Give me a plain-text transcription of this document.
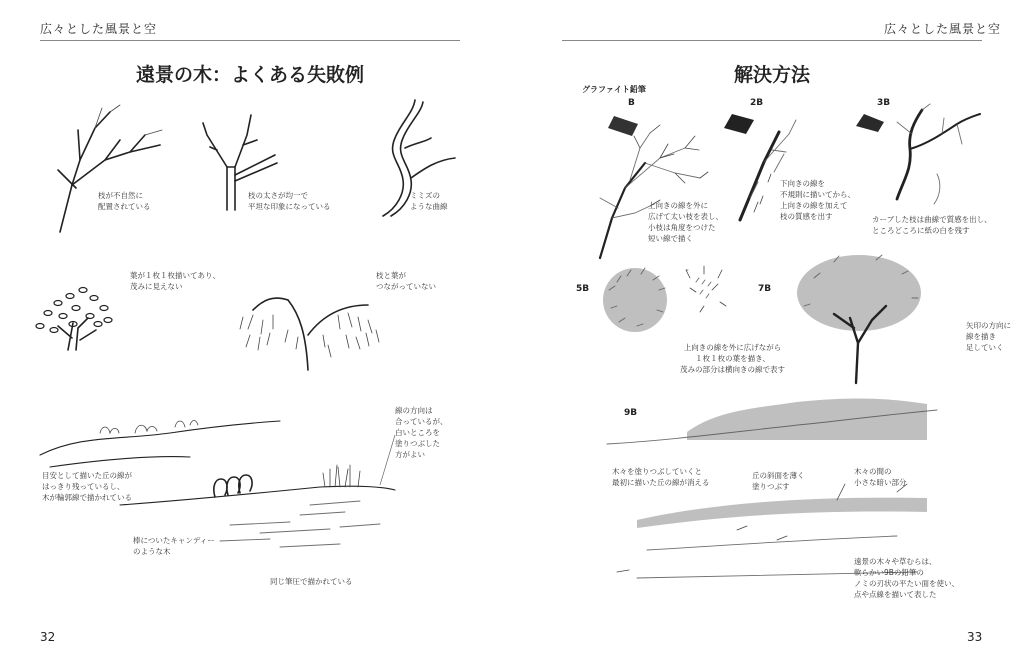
広々とした風景と空
遠景の木：よくある失敗例
枝が不自然に
配置されている
枝の太さが均一で
平坦な印象になっている
ミミズの
ような曲線
葉が１枚１枚描いてあり、
茂みに見えない
枝と葉が
つながっていない
目安として描いた丘の線が
はっきり残っているし、
木が輪郭線で描かれている
線の方向は
合っているが、
白いところを
塗りつぶした
方がよい
棒についたキャンディー
のような木
同じ筆圧で描かれている
32
広々とした風景と空
解決方法
グラファイト鉛筆
B	2B	3B
5B	7B
9B
上向きの線を外に
広げて太い枝を表し、
小枝は角度をつけた
短い線で描く
下向きの線を
不規則に描いてから、
上向きの線を加えて
枝の質感を出す	カーブした枝は曲線で質感を出し、
ところどころに紙の白を残す
上向きの線を外に広げながら
１枚１枚の葉を描き、
茂みの部分は横向きの線で表す
矢印の方向に
線を描き
足していく
木々を塗りつぶしていくと
最初に描いた丘の線が消える
丘の斜面を薄く
塗りつぶす
木々の間の
小さな暗い部分
遠景の木々や草むらは、
軟らかい9Bの鉛筆の
ノミの刃状の平たい面を使い、
点や点線を描いて表した
33
